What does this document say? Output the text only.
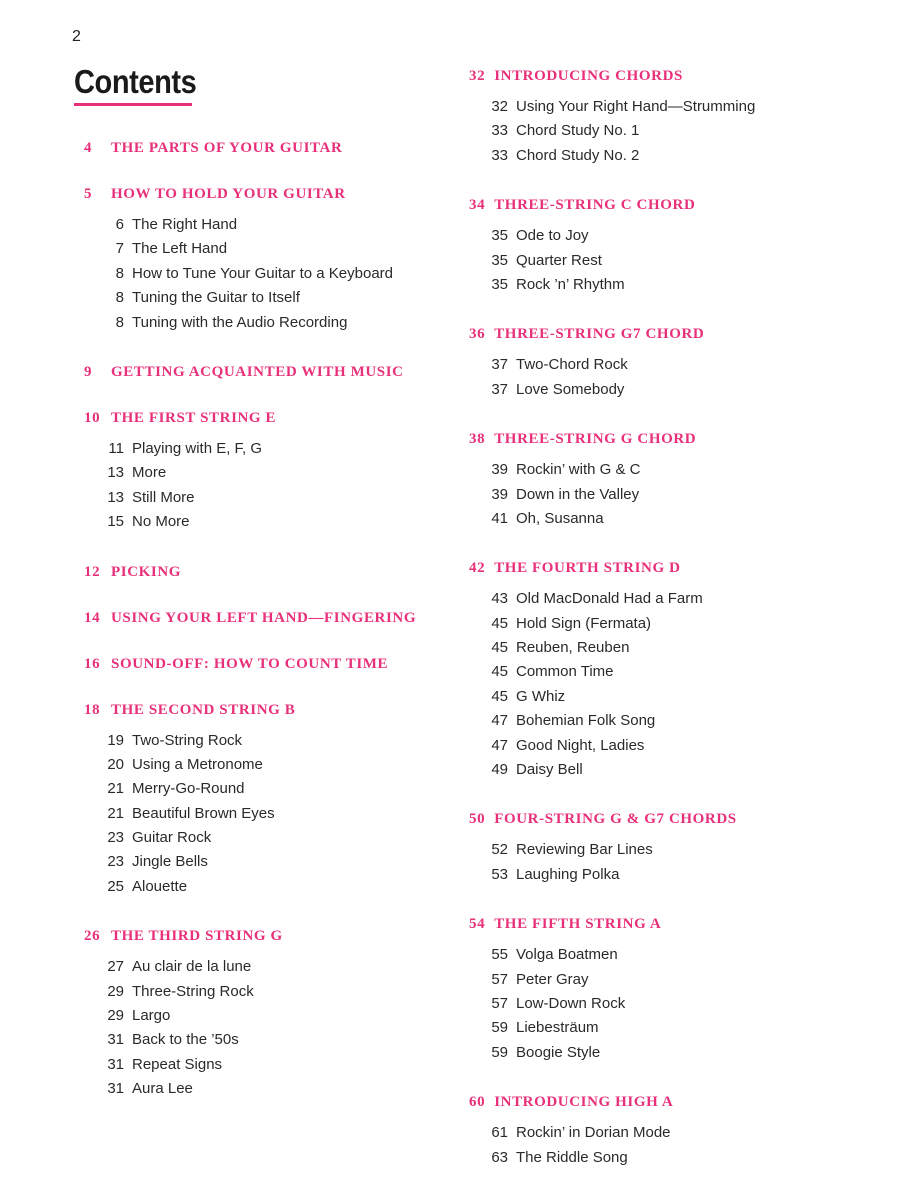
2
Contents
4 THE PARTS OF YOUR GUITAR
5 HOW TO HOLD YOUR GUITAR
6 The Right Hand
7 The Left Hand
8 How to Tune Your Guitar to a Keyboard
8 Tuning the Guitar to Itself
8 Tuning with the Audio Recording
9 GETTING ACQUAINTED WITH MUSIC
10 THE FIRST STRING E
11 Playing with E, F, G
13 More
13 Still More
15 No More
12 PICKING
14 USING YOUR LEFT HAND—FINGERING
16 SOUND-OFF: HOW TO COUNT TIME
18 THE SECOND STRING B
19 Two-String Rock
20 Using a Metronome
21 Merry-Go-Round
21 Beautiful Brown Eyes
23 Guitar Rock
23 Jingle Bells
25 Alouette
26 THE THIRD STRING G
27 Au clair de la lune
29 Three-String Rock
29 Largo
31 Back to the ’50s
31 Repeat Signs
31 Aura Lee
32 INTRODUCING CHORDS
32 Using Your Right Hand—Strumming
33 Chord Study No. 1
33 Chord Study No. 2
34 THREE-STRING C CHORD
35 Ode to Joy
35 Quarter Rest
35 Rock ’n’ Rhythm
36 THREE-STRING G7 CHORD
37 Two-Chord Rock
37 Love Somebody
38 THREE-STRING G CHORD
39 Rockin’ with G & C
39 Down in the Valley
41 Oh, Susanna
42 THE FOURTH STRING D
43 Old MacDonald Had a Farm
45 Hold Sign (Fermata)
45 Reuben, Reuben
45 Common Time
45 G Whiz
47 Bohemian Folk Song
47 Good Night, Ladies
49 Daisy Bell
50 FOUR-STRING G & G7 CHORDS
52 Reviewing Bar Lines
53 Laughing Polka
54 THE FIFTH STRING A
55 Volga Boatmen
57 Peter Gray
57 Low-Down Rock
59 Liebesträum
59 Boogie Style
60 INTRODUCING HIGH A
61 Rockin’ in Dorian Mode
63 The Riddle Song
